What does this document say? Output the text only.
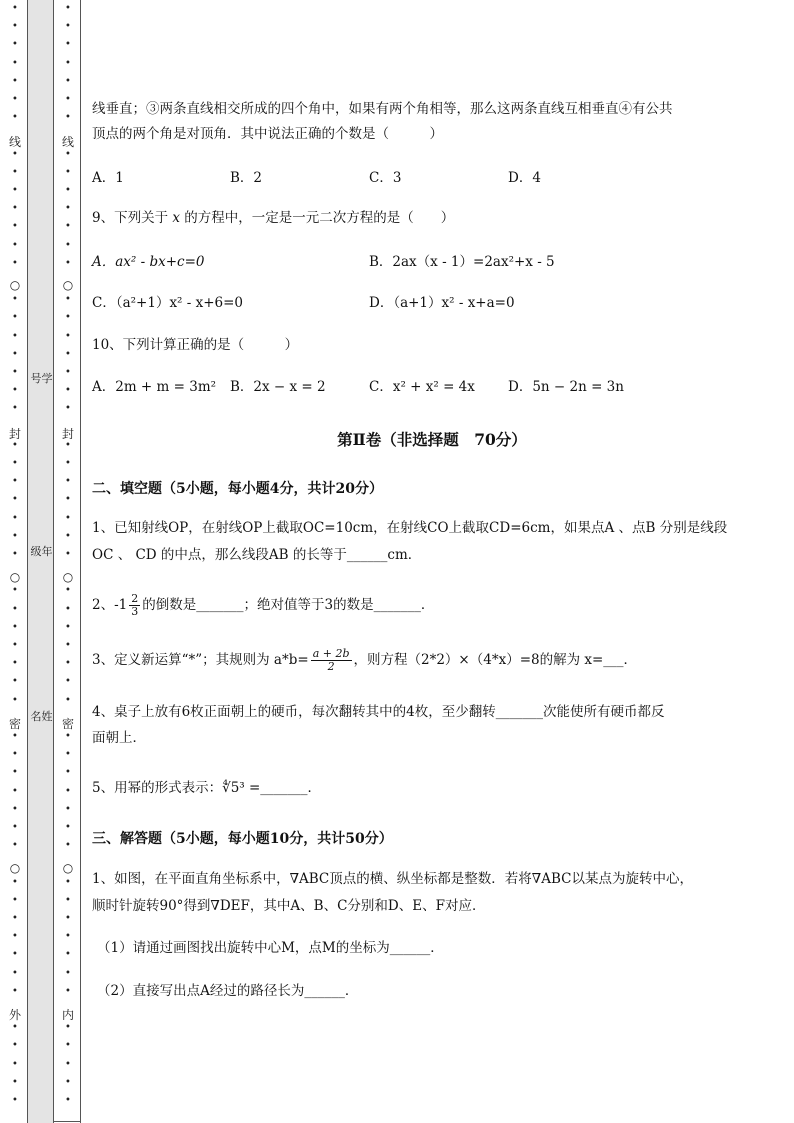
线
封
密
外
○
○
○
•
•
•
•
•
•
•
•
•
•
•
•
•
•
•
•
•
•
•
•
•
•
•
•
•
•
•
•
•
•
•
•
•
•
•
•
•
•
•
•
•
•
•
•
•
•
•
•
•
•
•
•
•
•
号学
级年
名姓
线
封
密
内
○
○
○
•
•
•
•
•
•
•
•
•
•
•
•
•
•
•
•
•
•
•
•
•
•
•
•
•
•
•
•
•
•
•
•
•
•
•
•
•
•
•
•
•
•
•
•
•
•
•
•
•
•
•
•
•
•
线垂直；③两条直线相交所成的四个角中，如果有两个角相等，那么这两条直线互相垂直④有公共
顶点的两个角是对顶角．其中说法正确的个数是（　　　）
A．1	B．2	C．3	D．4
9、下列关于 x 的方程中，一定是一元二次方程的是（　　）
A．ax² - bx+c=0	B．2ax（x - 1）=2ax²+x - 5
C．（a²+1）x² - x+6=0	D．（a+1）x² - x+a=0
10、下列计算正确的是（　　　）
A．2m + m = 3m² B．2x − x = 2	C．x² + x² = 4x D．5n − 2n = 3n
第Ⅱ卷（非选择题　70分）
二、填空题（5小题，每小题4分，共计20分）
1、已知射线OP，在射线OP上截取OC=10cm，在射线CO上截取CD=6cm，如果点A 、点B 分别是线段
OC 、 CD 的中点，那么线段AB 的长等于______cm．
2、$-1 \frac{2}{3}$ 的倒数是_______；绝对值等于3的数是_______．
3、定义新运算“*”；其规则为 $a*b= \frac{a + 2b}{2}$ ，则方程（2*2）×（4*x）=8的解为 x=___．
4、桌子上放有6枚正面朝上的硬币，每次翻转其中的4枚，至少翻转_______次能使所有硬币都反
面朝上．
5、用幂的形式表示：∜5³ =_______．
三、解答题（5小题，每小题10分，共计50分）
1、如图，在平面直角坐标系中，∇ABC顶点的横、纵坐标都是整数．若将∇ABC以某点为旋转中心，
顺时针旋转90°得到∇DEF，其中A、B、C分别和D、E、F对应．
（1）请通过画图找出旋转中心M，点M的坐标为______．
（2）直接写出点A经过的路径长为______．
